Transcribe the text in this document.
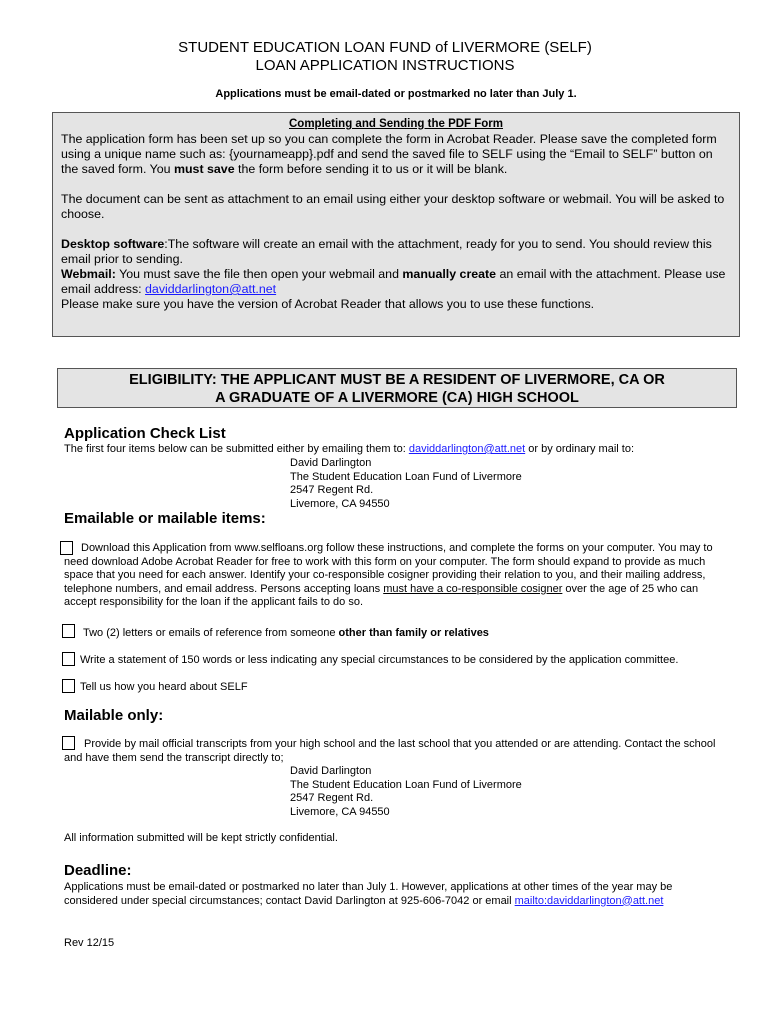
STUDENT EDUCATION LOAN FUND of LIVERMORE (SELF)
LOAN APPLICATION INSTRUCTIONS
Applications must be email-dated or postmarked no later than July 1.

Completing and Sending the PDF Form

The application form has been set up so you can complete the form in Acrobat Reader. Please save the completed form using a unique name such as: {yournameapp}.pdf and send the saved file to SELF using the “Email to SELF” button on the saved form. You must save the form before sending it to us or it will be blank.

The document can be sent as attachment to an email using either your desktop software or webmail. You will be asked to choose.

Desktop software:The software will create an email with the attachment, ready for you to send. You should review this email prior to sending.

Webmail: You must save the file then open your webmail and manually create an email with the attachment. Please use email address: daviddarlington@att.net

Please make sure you have the version of Acrobat Reader that allows you to use these functions.

ELIGIBILITY: THE APPLICANT MUST BE A RESIDENT OF LIVERMORE, CA OR
A GRADUATE OF A LIVERMORE (CA) HIGH SCHOOL
Application Check List
The first four items below can be submitted either by emailing them to: daviddarlington@att.net or by ordinary mail to:
David Darlington
The Student Education Loan Fund of Livermore
2547 Regent Rd.
Livemore, CA 94550
Emailable or mailable items:
Download this Application from www.selfloans.org follow these instructions, and complete the forms on your computer. You may to need download Adobe Acrobat Reader for free to work with this form on your computer. The form should expand to provide as much space that you need for each answer. Identify your co-responsible cosigner providing their relation to you, and their mailing address, telephone numbers, and email address. Persons accepting loans must have a co-responsible cosigner over the age of 25 who can accept responsibility for the loan if the applicant fails to do so.
Two (2) letters or emails of reference from someone other than family or relatives
Write a statement of 150 words or less indicating any special circumstances to be considered by the application committee.
Tell us how you heard about SELF
Mailable only:
Provide by mail official transcripts from your high school and the last school that you attended or are attending. Contact the school and have them send the transcript directly to;
David Darlington
The Student Education Loan Fund of Livermore
2547 Regent Rd.
Livemore, CA 94550
All information submitted will be kept strictly confidential.
Deadline:
Applications must be email-dated or postmarked no later than July 1. However, applications at other times of the year may be considered under special circumstances; contact David Darlington at 925-606-7042 or email mailto:daviddarlington@att.net
Rev 12/15
